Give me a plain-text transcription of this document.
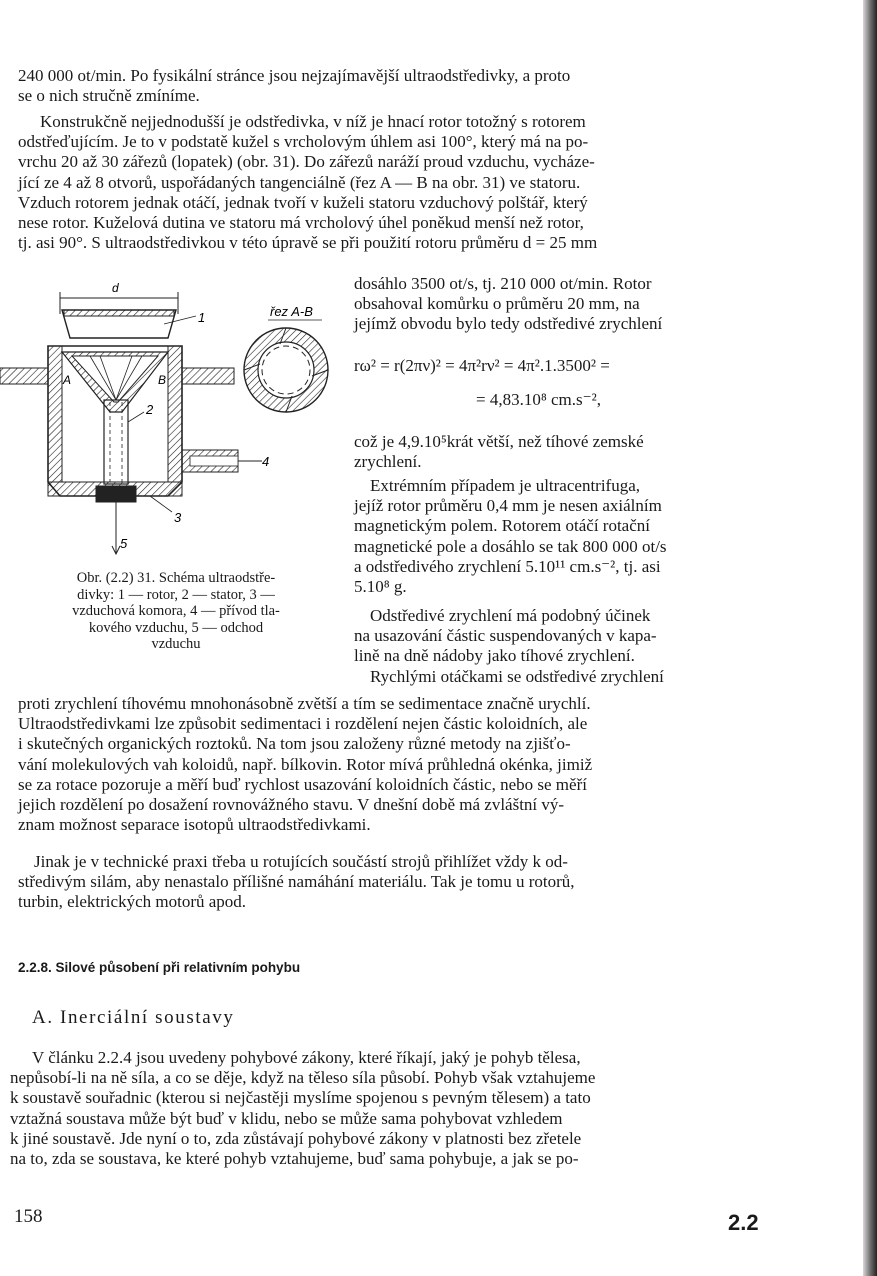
240 000 ot/min. Po fysikální stránce jsou nejzajímavější ultraodstředivky, a proto
se o nich stručně zmíníme.
Konstrukčně nejjednodušší je odstředivka, v níž je hnací rotor totožný s rotorem
odstřeďujícím. Je to v podstatě kužel s vrcholovým úhlem asi 100°, který má na po-
vrchu 20 až 30 zářezů (lopatek) (obr. 31). Do zářezů naráží proud vzduchu, vycháze-
jící ze 4 až 8 otvorů, uspořádaných tangenciálně (řez A — B na obr. 31) ve statoru.
Vzduch rotorem jednak otáčí, jednak tvoří v kuželi statoru vzduchový polštář, který
nese rotor. Kuželová dutina ve statoru má vrcholový úhel poněkud menší než rotor,
tj. asi 90°. S ultraodstředivkou v této úpravě se při použití rotoru průměru d = 25 mm
dosáhlo 3500 ot/s, tj. 210 000 ot/min. Rotor
obsahoval komůrku o průměru 20 mm, na
jejímž obvodu bylo tedy odstředivé zrychlení
rω² = r(2πν)² = 4π²rν² = 4π².1.3500² =
= 4,83.10⁸ cm.s⁻²,
což je 4,9.10⁵krát větší, než tíhové zemské
zrychlení.
Extrémním případem je ultracentrifuga,
jejíž rotor průměru 0,4 mm je nesen axiálním
magnetickým polem. Rotorem otáčí rotační
magnetické pole a dosáhlo se tak 800 000 ot/s
a odstředivého zrychlení 5.10¹¹ cm.s⁻², tj. asi
5.10⁸ g.
Odstředivé zrychlení má podobný účinek
na usazování částic suspendovaných v kapa-
lině na dně nádoby jako tíhové zrychlení.
Rychlými otáčkami se odstředivé zrychlení
proti zrychlení tíhovému mnohonásobně zvětší a tím se sedimentace značně urychlí.
Ultraodstředivkami lze způsobit sedimentaci i rozdělení nejen částic koloidních, ale
i skutečných organických roztoků. Na tom jsou založeny různé metody na zjišťo-
vání molekulových vah koloidů, např. bílkovin. Rotor mívá průhledná okénka, jimiž
se za rotace pozoruje a měří buď rychlost usazování koloidních částic, nebo se měří
jejich rozdělení po dosažení rovnovážného stavu. V dnešní době má zvláštní vý-
znam možnost separace isotopů ultraodstředivkami.
Jinak je v technické praxi třeba u rotujících součástí strojů přihlížet vždy k od-
středivým silám, aby nenastalo přílišné namáhání materiálu. Tak je tomu u rotorů,
turbin, elektrických motorů apod.
d
A	B
1
2
3
4
5
řez A-B
Obr. (2.2) 31. Schéma ultraodstře-
divky: 1 — rotor, 2 — stator, 3 —
vzduchová komora, 4 — přívod tla-
kového vzduchu, 5 — odchod
vzduchu
2.2.8. Silové působení při relativním pohybu
A. Inerciální soustavy
V článku 2.2.4 jsou uvedeny pohybové zákony, které říkají, jaký je pohyb tělesa,
nepůsobí-li na ně síla, a co se děje, když na těleso síla působí. Pohyb však vztahujeme
k soustavě souřadnic (kterou si nejčastěji myslíme spojenou s pevným tělesem) a tato
vztažná soustava může být buď v klidu, nebo se může sama pohybovat vzhledem
k jiné soustavě. Jde nyní o to, zda zůstávají pohybové zákony v platnosti bez zřetele
na to, zda se soustava, ke které pohyb vztahujeme, buď sama pohybuje, a jak se po-
158	2.2
